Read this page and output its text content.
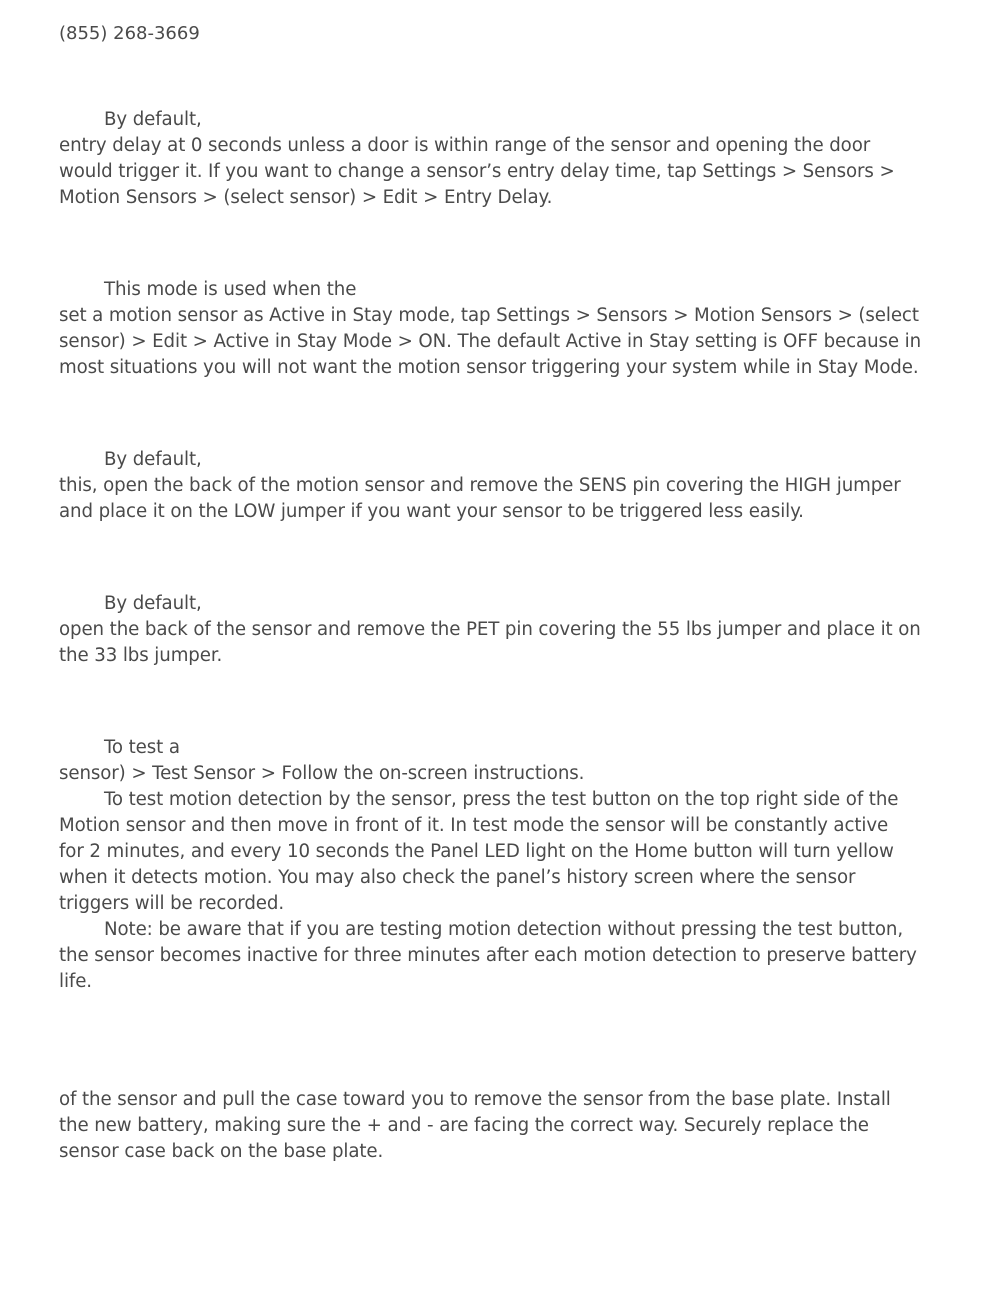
(855) 268-3669
By default,
entry delay at 0 seconds unless a door is within range of the sensor and opening the door
would trigger it. If you want to change a sensor’s entry delay time, tap Settings > Sensors >
Motion Sensors > (select sensor) > Edit > Entry Delay.
This mode is used when the
set a motion sensor as Active in Stay mode, tap Settings > Sensors > Motion Sensors > (select
sensor) > Edit > Active in Stay Mode > ON. The default Active in Stay setting is OFF because in
most situations you will not want the motion sensor triggering your system while in Stay Mode.
By default,
this, open the back of the motion sensor and remove the SENS pin covering the HIGH jumper
and place it on the LOW jumper if you want your sensor to be triggered less easily.
By default,
open the back of the sensor and remove the PET pin covering the 55 lbs jumper and place it on
the 33 lbs jumper.
To test a
sensor) > Test Sensor > Follow the on-screen instructions.
To test motion detection by the sensor, press the test button on the top right side of the
Motion sensor and then move in front of it. In test mode the sensor will be constantly active
for 2 minutes, and every 10 seconds the Panel LED light on the Home button will turn yellow
when it detects motion. You may also check the panel’s history screen where the sensor
triggers will be recorded.
Note: be aware that if you are testing motion detection without pressing the test button,
the sensor becomes inactive for three minutes after each motion detection to preserve battery
life.
of the sensor and pull the case toward you to remove the sensor from the base plate. Install
the new battery, making sure the + and - are facing the correct way. Securely replace the
sensor case back on the base plate.
